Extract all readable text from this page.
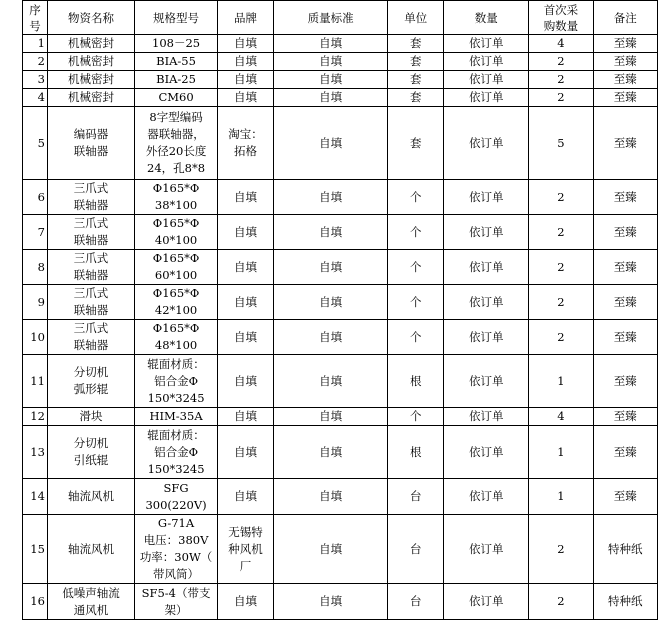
序
号	物资名称	规格型号	品牌	质量标准	单位	数量	首次采
购数量	备注
1	机械密封	108－25	自填	自填	套	依订单	4	至臻
2	机械密封	BIA-55	自填	自填	套	依订单	2	至臻
3	机械密封	BIA-25	自填	自填	套	依订单	2	至臻
4	机械密封	CM60	自填	自填	套	依订单	2	至臻
5	编码器
联轴器	8字型编码
器联轴器，
外径20长度
24，孔8*8	淘宝：
拓格	自填	套	依订单	5	至臻
6	三爪式
联轴器	Φ165*Φ
38*100	自填	自填	个	依订单	2	至臻
7	三爪式
联轴器	Φ165*Φ
40*100	自填	自填	个	依订单	2	至臻
8	三爪式
联轴器	Φ165*Φ
60*100	自填	自填	个	依订单	2	至臻
9	三爪式
联轴器	Φ165*Φ
42*100	自填	自填	个	依订单	2	至臻
10	三爪式
联轴器	Φ165*Φ
48*100	自填	自填	个	依订单	2	至臻
11	分切机
弧形辊	辊面材质：
铝合金Φ
150*3245	自填	自填	根	依订单	1	至臻
12	滑块	HIM-35A	自填	自填	个	依订单	4	至臻
13	分切机
引纸辊	辊面材质：
铝合金Φ
150*3245	自填	自填	根	依订单	1	至臻
14	轴流风机	SFG
300(220V)	自填	自填	台	依订单	1	至臻
15	轴流风机	G-71A
电压：380V
功率：30W（
带风筒）	无锡特
种风机
厂	自填	台	依订单	2	特种纸
16	低噪声轴流
通风机	SF5-4（带支
架）	自填	自填	台	依订单	2	特种纸
